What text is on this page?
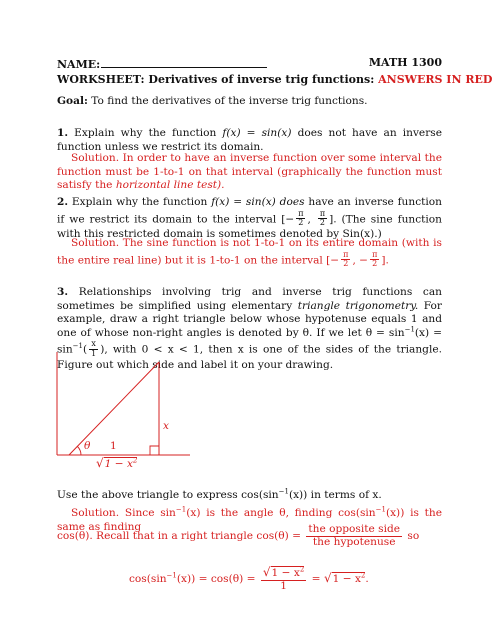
NAME:	MATH 1300
WORKSHEET: Derivatives of inverse trig functions: ANSWERS IN RED
Goal: To find the derivatives of the inverse trig functions.
1. Explain why the function f(x) = sin(x) does not have an inverse function unless we restrict its domain.
Solution. In order to have an inverse function over some interval the function must be 1-to-1 on that interval (graphically the function must satisfy the horizontal line test).
2. Explain why the function f(x) = sin(x) does have an inverse function if we restrict its domain to the interval [− $\frac{\pi}{2}$ , $\frac{\pi}{2}$ ]. (The sine function with this restricted domain is sometimes denoted by Sin(x).)
Solution. The sine function is not 1-to-1 on its entire domain (with is the entire real line) but it is 1-to-1 on the interval [− $\frac{\pi}{2}$ , − $\frac{\pi}{2}$ ].
3. Relationships involving trig and inverse trig functions can sometimes be simplified using elementary triangle trigonometry. For example, draw a right triangle below whose hypotenuse equals 1 and one of whose non-right angles is denoted by θ. If we let $\theta = \sin^{-1}(x) = \sin^{-1}( \frac{x}{1}$ ), with 0 < x < 1, then x is one of the sides of the triangle. Figure out which side and label it on your drawing.
1
x
θ
$√1 - x^2$
Use the above triangle to express $\cos(\sin^{-1}(x))$ in terms of x.
Solution. Since $\sin^{-1}(x)$ is the angle θ, finding $\cos(\sin^{-1}(x))$ is the same as finding
cos(θ). Recall that in a right triangle $\cos(\theta) = \frac{\text{the opposite side}}{\text{the hypotenuse}}$ so
$\cos(\sin^{-1}(x)) = \cos(\theta) = \frac{√1 - x^2}{1} = √1 - x^2$.
